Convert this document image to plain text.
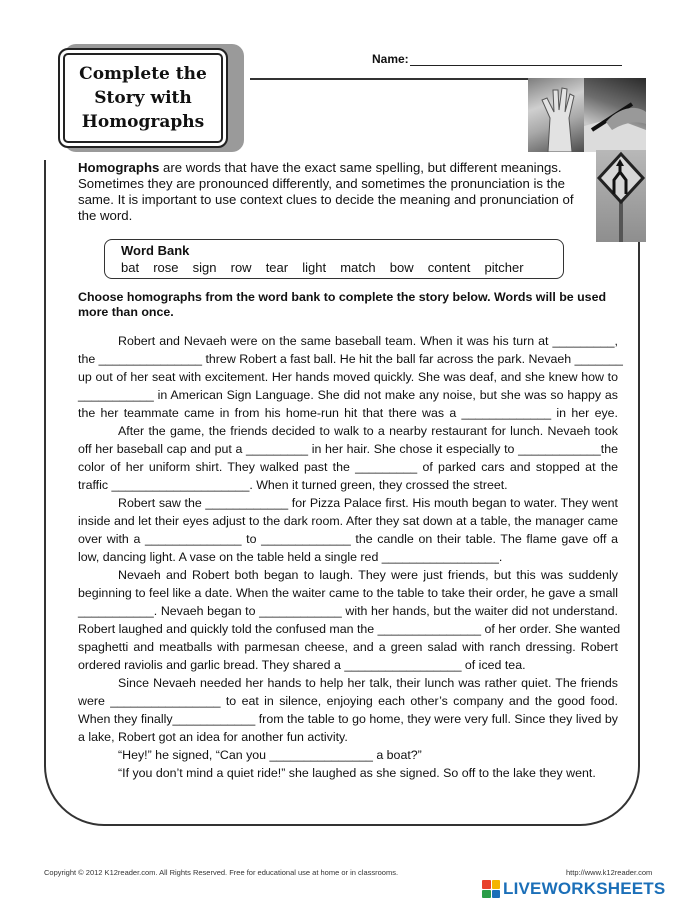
Complete the
Story with
Homographs
Name:
Homographs are words that have the exact same spelling, but different meanings. Sometimes they are pronounced differently, and sometimes the pronunciation is the same. It is important to use context clues to decide the meaning and pronunciation of the word.
Word Bank
bat rose sign row tear light match bow content pitcher
Choose homographs from the word bank to complete the story below. Words will be used more than once.
Robert and Nevaeh were on the same baseball team. When it was his turn at _________,
the _______________ threw Robert a fast ball. He hit the ball far across the park. Nevaeh _______
up out of her seat with excitement. Her hands moved quickly. She was deaf, and she knew how to
___________ in American Sign Language. She did not make any noise, but she was so happy as
the her teammate came in from his home-run hit that there was a _____________ in her eye.
After the game, the friends decided to walk to a nearby restaurant for lunch. Nevaeh took
off her baseball cap and put a _________ in her hair. She chose it especially to ____________the
color of her uniform shirt. They walked past the _________ of parked cars and stopped at the
traffic ____________________. When it turned green, they crossed the street.
Robert saw the ____________ for Pizza Palace first. His mouth began to water. They went
inside and let their eyes adjust to the dark room. After they sat down at a table, the manager came
over with a ______________ to _____________ the candle on their table. The flame gave off a
low, dancing light. A vase on the table held a single red _________________.
Nevaeh and Robert both began to laugh. They were just friends, but this was suddenly
beginning to feel like a date. When the waiter came to the table to take their order, he gave a small
___________. Nevaeh began to ____________ with her hands, but the waiter did not understand.
Robert laughed and quickly told the confused man the _______________ of her order. She wanted
spaghetti and meatballs with parmesan cheese, and a green salad with ranch dressing. Robert
ordered raviolis and garlic bread. They shared a _________________ of iced tea.
Since Nevaeh needed her hands to help her talk, their lunch was rather quiet. The friends
were ________________ to eat in silence, enjoying each other’s company and the good food.
When they finally____________ from the table to go home, they were very full. Since they lived by
a lake, Robert got an idea for another fun activity.
“Hey!” he signed, “Can you _______________ a boat?”
“If you don’t mind a quiet ride!” she laughed as she signed. So off to the lake they went.
Copyright © 2012 K12reader.com. All Rights Reserved. Free for educational use at home or in classrooms.	http://www.k12reader.com
LIVEWORKSHEETS
